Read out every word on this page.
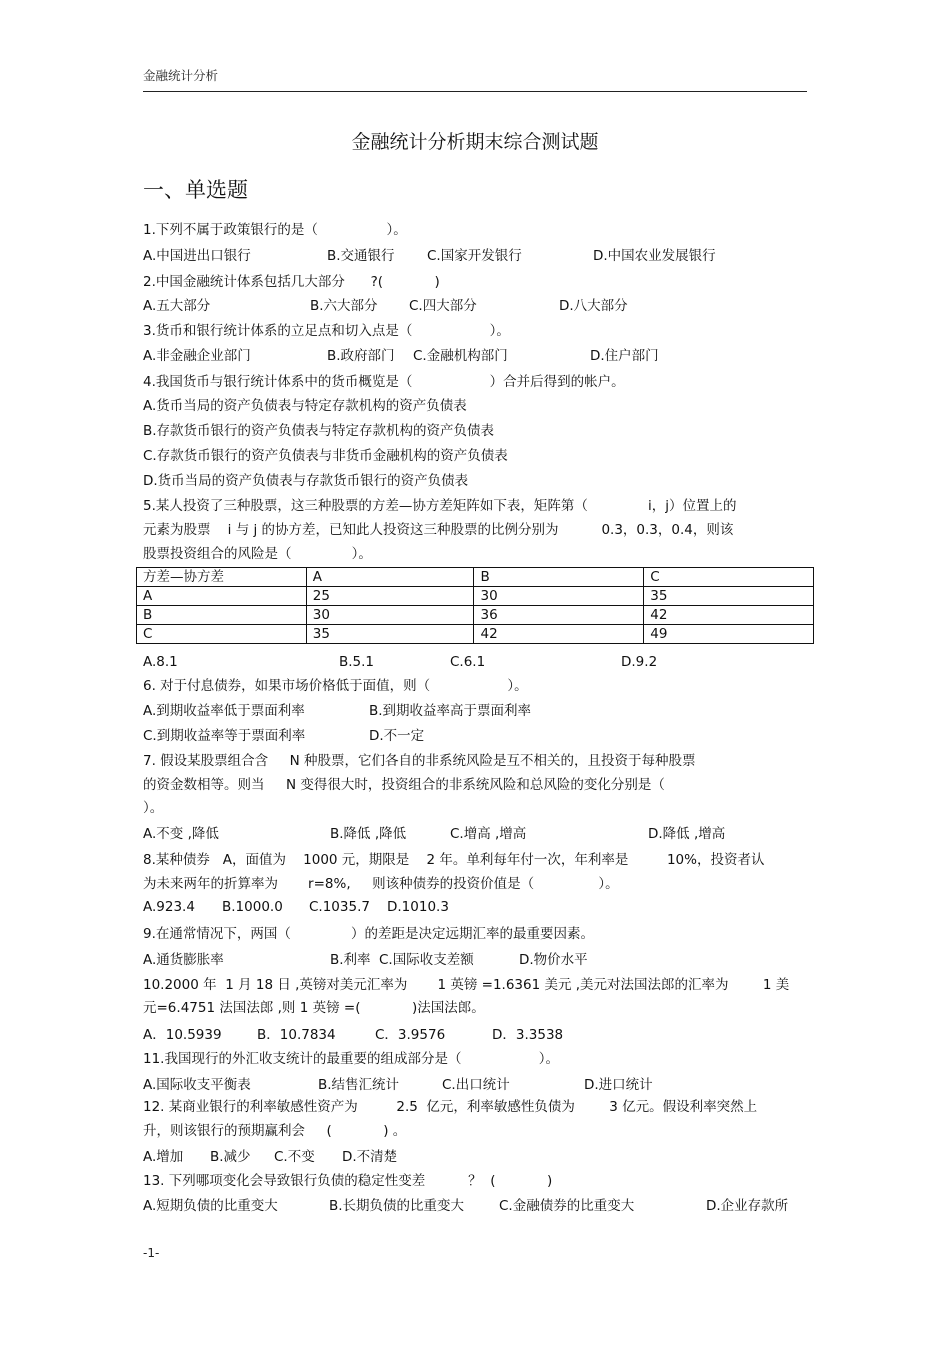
金融统计分析
金融统计分析期末综合测试题
一、单选题
1.下列不属于政策银行的是（                ）。
A.中国进出口银行	B.交通银行 C.国家开发银行	D.中国农业发展银行
2.中国金融统计体系包括几大部分      ?(            )
A.五大部分	B.六大部分 C.四大部分	D.八大部分
3.货币和银行统计体系的立足点和切入点是（                  ）。
A.非金融企业部门	B.政府部门 C.金融机构部门	D.住户部门
4.我国货币与银行统计体系中的货币概览是（                  ）合并后得到的帐户。
A.货币当局的资产负债表与特定存款机构的资产负债表
B.存款货币银行的资产负债表与特定存款机构的资产负债表
C.存款货币银行的资产负债表与非货币金融机构的资产负债表
D.货币当局的资产负债表与存款货币银行的资产负债表
5.某人投资了三种股票，这三种股票的方差—协方差矩阵如下表，矩阵第（              i，j）位置上的
元素为股票    i 与 j 的协方差，已知此人投资这三种股票的比例分别为          0.3，0.3，0.4，则该
股票投资组合的风险是（              ）。
方差—协方差	A	B	C
A	25	30	35
B	30	36	42
C	35	42	49
A.8.1	B.5.1	C.6.1	D.9.2
6. 对于付息债券，如果市场价格低于面值，则（                  ）。
A.到期收益率低于票面利率	B.到期收益率高于票面利率
C.到期收益率等于票面利率	D.不一定
7. 假设某股票组合含     N 种股票，它们各自的非系统风险是互不相关的，且投资于每种股票
的资金数相等。则当     N 变得很大时，投资组合的非系统风险和总风险的变化分别是（
）。
A.不变 ,降低	B.降低 ,降低	C.增高 ,增高	D.降低 ,增高
8.某种债券   A，面值为    1000 元，期限是    2 年。单利每年付一次，年利率是         10%，投资者认
为未来两年的折算率为       r=8%,     则该种债券的投资价值是（               ）。
A.923.4 B.1000.0 C.1035.7 D.1010.3
9.在通常情况下，两国（              ）的差距是决定远期汇率的最重要因素。
A.通货膨胀率	B.利率 C.国际收支差额	D.物价水平
10.2000 年  1 月 18 日 ,英镑对美元汇率为       1 英镑 =1.6361 美元 ,美元对法国法郎的汇率为        1 美
元=6.4751 法国法郎 ,则 1 英镑 =(            )法国法郎。
A．10.5939	B．10.7834	C．3.9576	D．3.3538
11.我国现行的外汇收支统计的最重要的组成部分是（                  ）。
A.国际收支平衡表	B.结售汇统计	C.出口统计	D.进口统计
12. 某商业银行的利率敏感性资产为         2.5  亿元，利率敏感性负债为        3 亿元。假设利率突然上
升，则该银行的预期赢利会     (            ) 。
A.增加 B.减少 C.不变 D.不清楚
13. 下列哪项变化会导致银行负债的稳定性变差          ？  (            )
A.短期负债的比重变大	B.长期负债的比重变大	C.金融债券的比重变大	D.企业存款所
-1-
